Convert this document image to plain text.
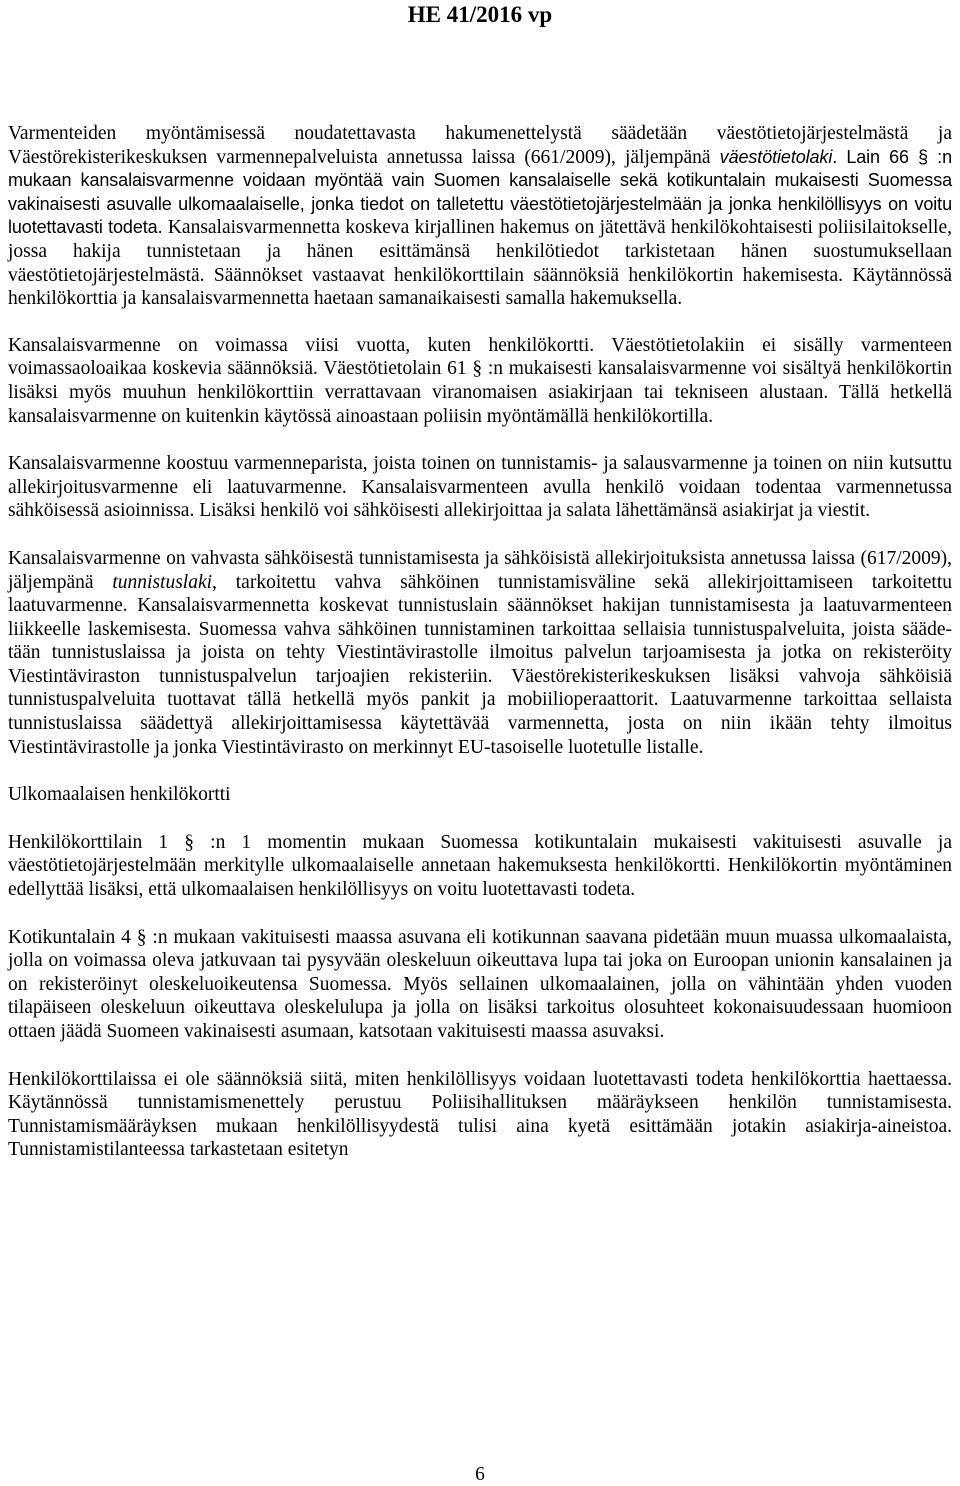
HE 41/2016 vp

Varmenteiden myöntämisessä noudatettavasta hakumenettelystä säädetään väestötietojärjestelmästä ja Väestörekisterikeskuksen varmennepalveluista annetussa laissa (661/2009), jäljempänä väestötietolaki. Lain 66 § :n mukaan kansalaisvarmenne voidaan myöntää vain Suomen kansalaiselle sekä kotikuntalain mukaisesti Suomessa vakinaisesti asuvalle ulkomaalaiselle, jonka tiedot on talletettu väestötietojärjestelmään ja jonka henkilöllisyys on voitu luotettavasti todeta. Kansalaisvarmennetta koskeva kirjallinen hakemus on jätettävä henkilökohtaisesti poliisilaitokselle, jossa hakija tunnistetaan ja hänen esittämänsä henkilötiedot tarkistetaan hänen suostumuksellaan väestötietojärjestelmästä. Säännökset vastaavat henkilökorttilain säännöksiä henkilökortin hakemisesta. Käytännössä henkilökorttia ja kansalaisvarmennetta haetaan samanaikaisesti samalla hakemuksella.

Kansalaisvarmenne on voimassa viisi vuotta, kuten henkilökortti. Väestötietolakiin ei sisälly varmenteen voimassaoloaikaa koskevia säännöksiä. Väestötietolain 61 § :n mukaisesti kansalaisvarmenne voi sisältyä henkilökortin lisäksi myös muuhun henkilökorttiin verrattavaan viranomaisen asiakirjaan tai tekniseen alustaan. Tällä hetkellä kansalaisvarmenne on kuitenkin käytössä ainoastaan poliisin myöntämällä henkilökortilla.

Kansalaisvarmenne koostuu varmenneparista, joista toinen on tunnistamis- ja salausvarmenne ja toinen on niin kutsuttu allekirjoitusvarmenne eli laatuvarmenne. Kansalaisvarmenteen avulla henkilö voidaan todentaa varmennetussa sähköisessä asioinnissa. Lisäksi henkilö voi sähköisesti allekirjoittaa ja salata lähettämänsä asiakirjat ja viestit.

Kansalaisvarmenne on vahvasta sähköisestä tunnistamisesta ja sähköisistä allekirjoituksista annetussa laissa (617/2009), jäljempänä tunnistuslaki, tarkoitettu vahva sähköinen tunnistamisväline sekä allekirjoittamiseen tarkoitettu laatuvarmenne. Kansalaisvarmennetta koskevat tunnistuslain säännökset hakijan tunnistamisesta ja laatuvarmenteen liikkeelle laskemisesta. Suomessa vahva sähköinen tunnistaminen tarkoittaa sellaisia tunnistuspalveluita, joista säädetään tunnistuslaissa ja joista on tehty Viestintävirastolle ilmoitus palvelun tarjoamisesta ja jotka on rekisteröity Viestintäviraston tunnistuspalvelun tarjoajien rekisteriin. Väestörekisterikeskuksen lisäksi vahvoja sähköisiä tunnistuspalveluita tuottavat tällä hetkellä myös pankit ja mobiilioperaattorit. Laatuvarmenne tarkoittaa sellaista tunnistuslaissa säädettyä allekirjoittamisessa käytettävää varmennetta, josta on niin ikään tehty ilmoitus Viestintävirastolle ja jonka Viestintävirasto on merkinnyt EU-tasoiselle luotetulle listalle.

Ulkomaalaisen henkilökortti

Henkilökorttilain 1 § :n 1 momentin mukaan Suomessa kotikuntalain mukaisesti vakituisesti asuvalle ja väestötietojärjestelmään merkitylle ulkomaalaiselle annetaan hakemuksesta henkilökortti. Henkilökortin myöntäminen edellyttää lisäksi, että ulkomaalaisen henkilöllisyys on voitu luotettavasti todeta.

Kotikuntalain 4 § :n mukaan vakituisesti maassa asuvana eli kotikunnan saavana pidetään muun muassa ulkomaalaista, jolla on voimassa oleva jatkuvaan tai pysyvään oleskeluun oikeuttava lupa tai joka on Euroopan unionin kansalainen ja on rekisteröinyt oleskeluoikeutensa Suomessa. Myös sellainen ulkomaalainen, jolla on vähintään yhden vuoden tilapäiseen oleskeluun oikeuttava oleskelulupa ja jolla on lisäksi tarkoitus olosuhteet kokonaisuudessaan huomioon ottaen jäädä Suomeen vakinaisesti asumaan, katsotaan vakituisesti maassa asuvaksi.

Henkilökorttilaissa ei ole säännöksiä siitä, miten henkilöllisyys voidaan luotettavasti todeta henkilökorttia haettaessa. Käytännössä tunnistamismenettely perustuu Poliisihallituksen määräykseen henkilön tunnistamisesta. Tunnistamismääräyksen mukaan henkilöllisyydestä tulisi aina kyetä esittämään jotakin asiakirja-aineistoa. Tunnistamistilanteessa tarkastetaan esitetyn

6
